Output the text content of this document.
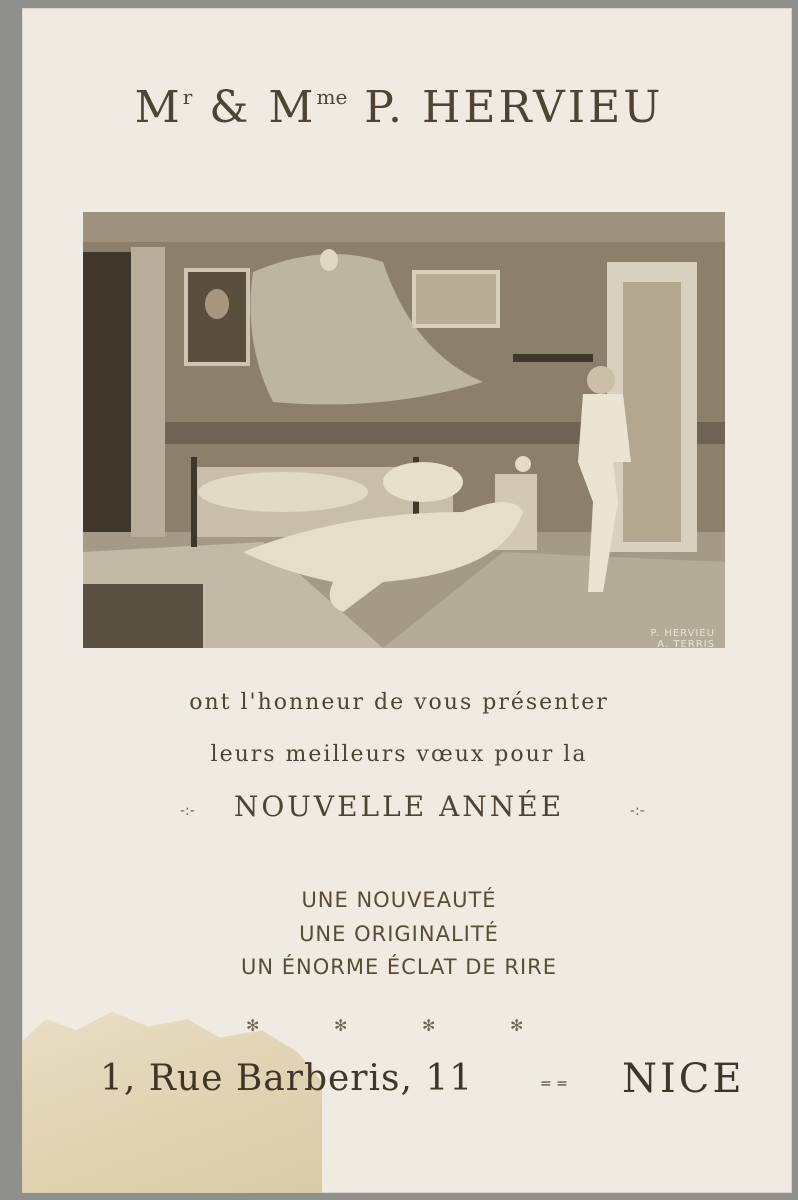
$M^r$ & $M^{me}$ P. HERVIEU
P. HERVIEU
A. TERRIS
ont l'honneur de vous présenter
leurs meilleurs vœux pour la
-:-	NOUVELLE ANNÉE	-:-
UNE NOUVEAUTÉ
UNE ORIGINALITÉ
UN ÉNORME ÉCLAT DE RIRE
✻	✻	✻	✻
1, Rue Barberis, 11	= = NICE
